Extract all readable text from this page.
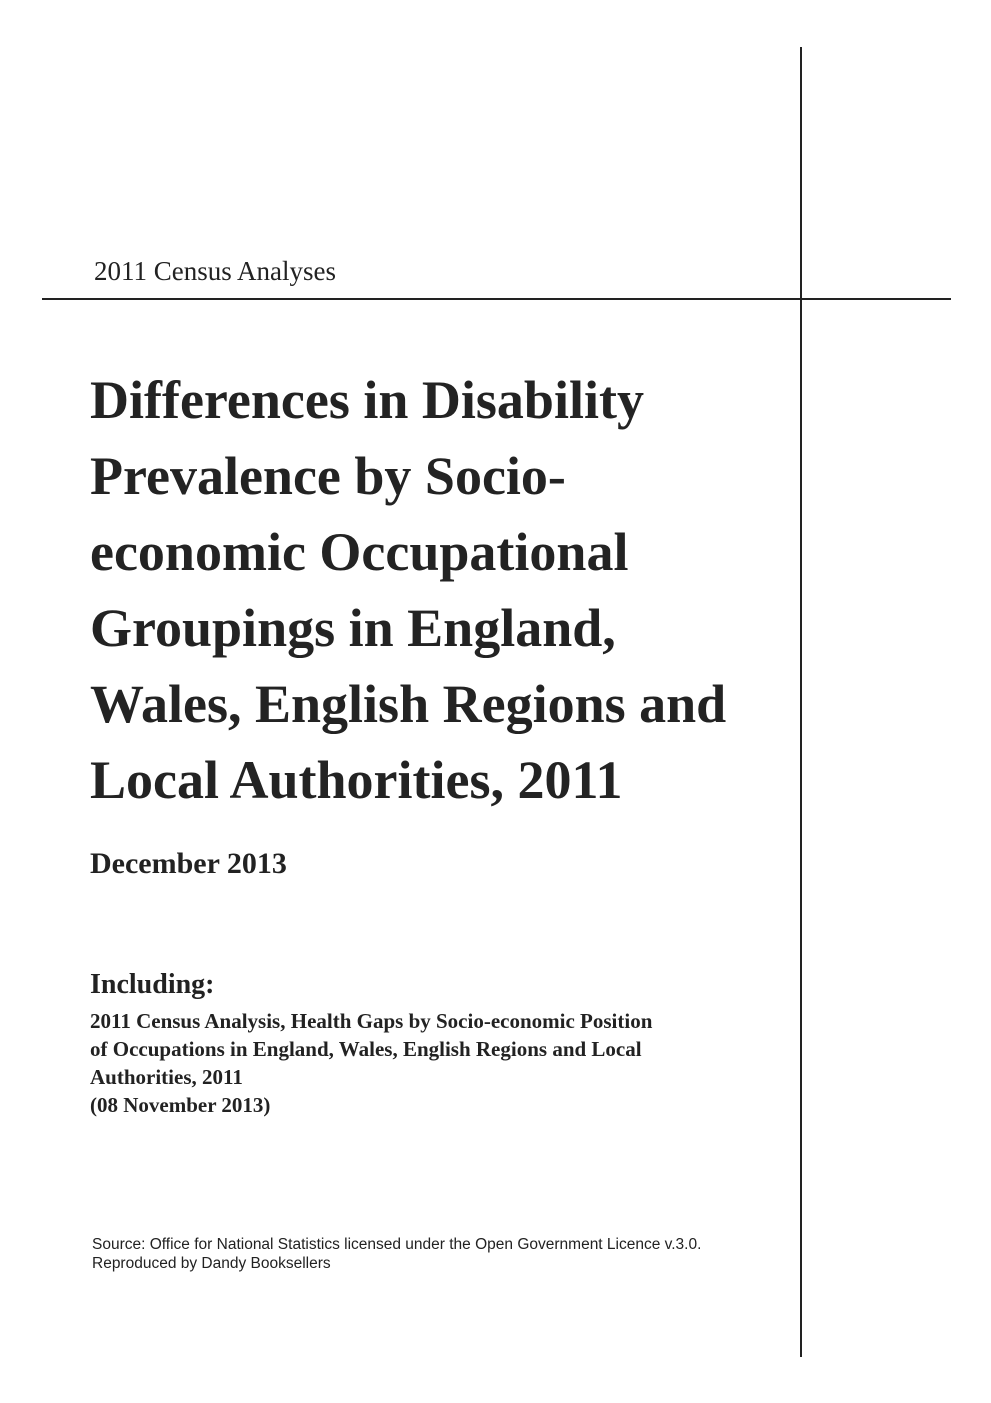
2011 Census Analyses
Differences in Disability
Prevalence by Socio-
economic Occupational
Groupings in England,
Wales, English Regions and
Local Authorities, 2011
December 2013
Including:
2011 Census Analysis, Health Gaps by Socio-economic Position
of Occupations in England, Wales, English Regions and Local
Authorities, 2011
(08 November 2013)
Source: Office for National Statistics licensed under the Open Government Licence v.3.0.
Reproduced by Dandy Booksellers
